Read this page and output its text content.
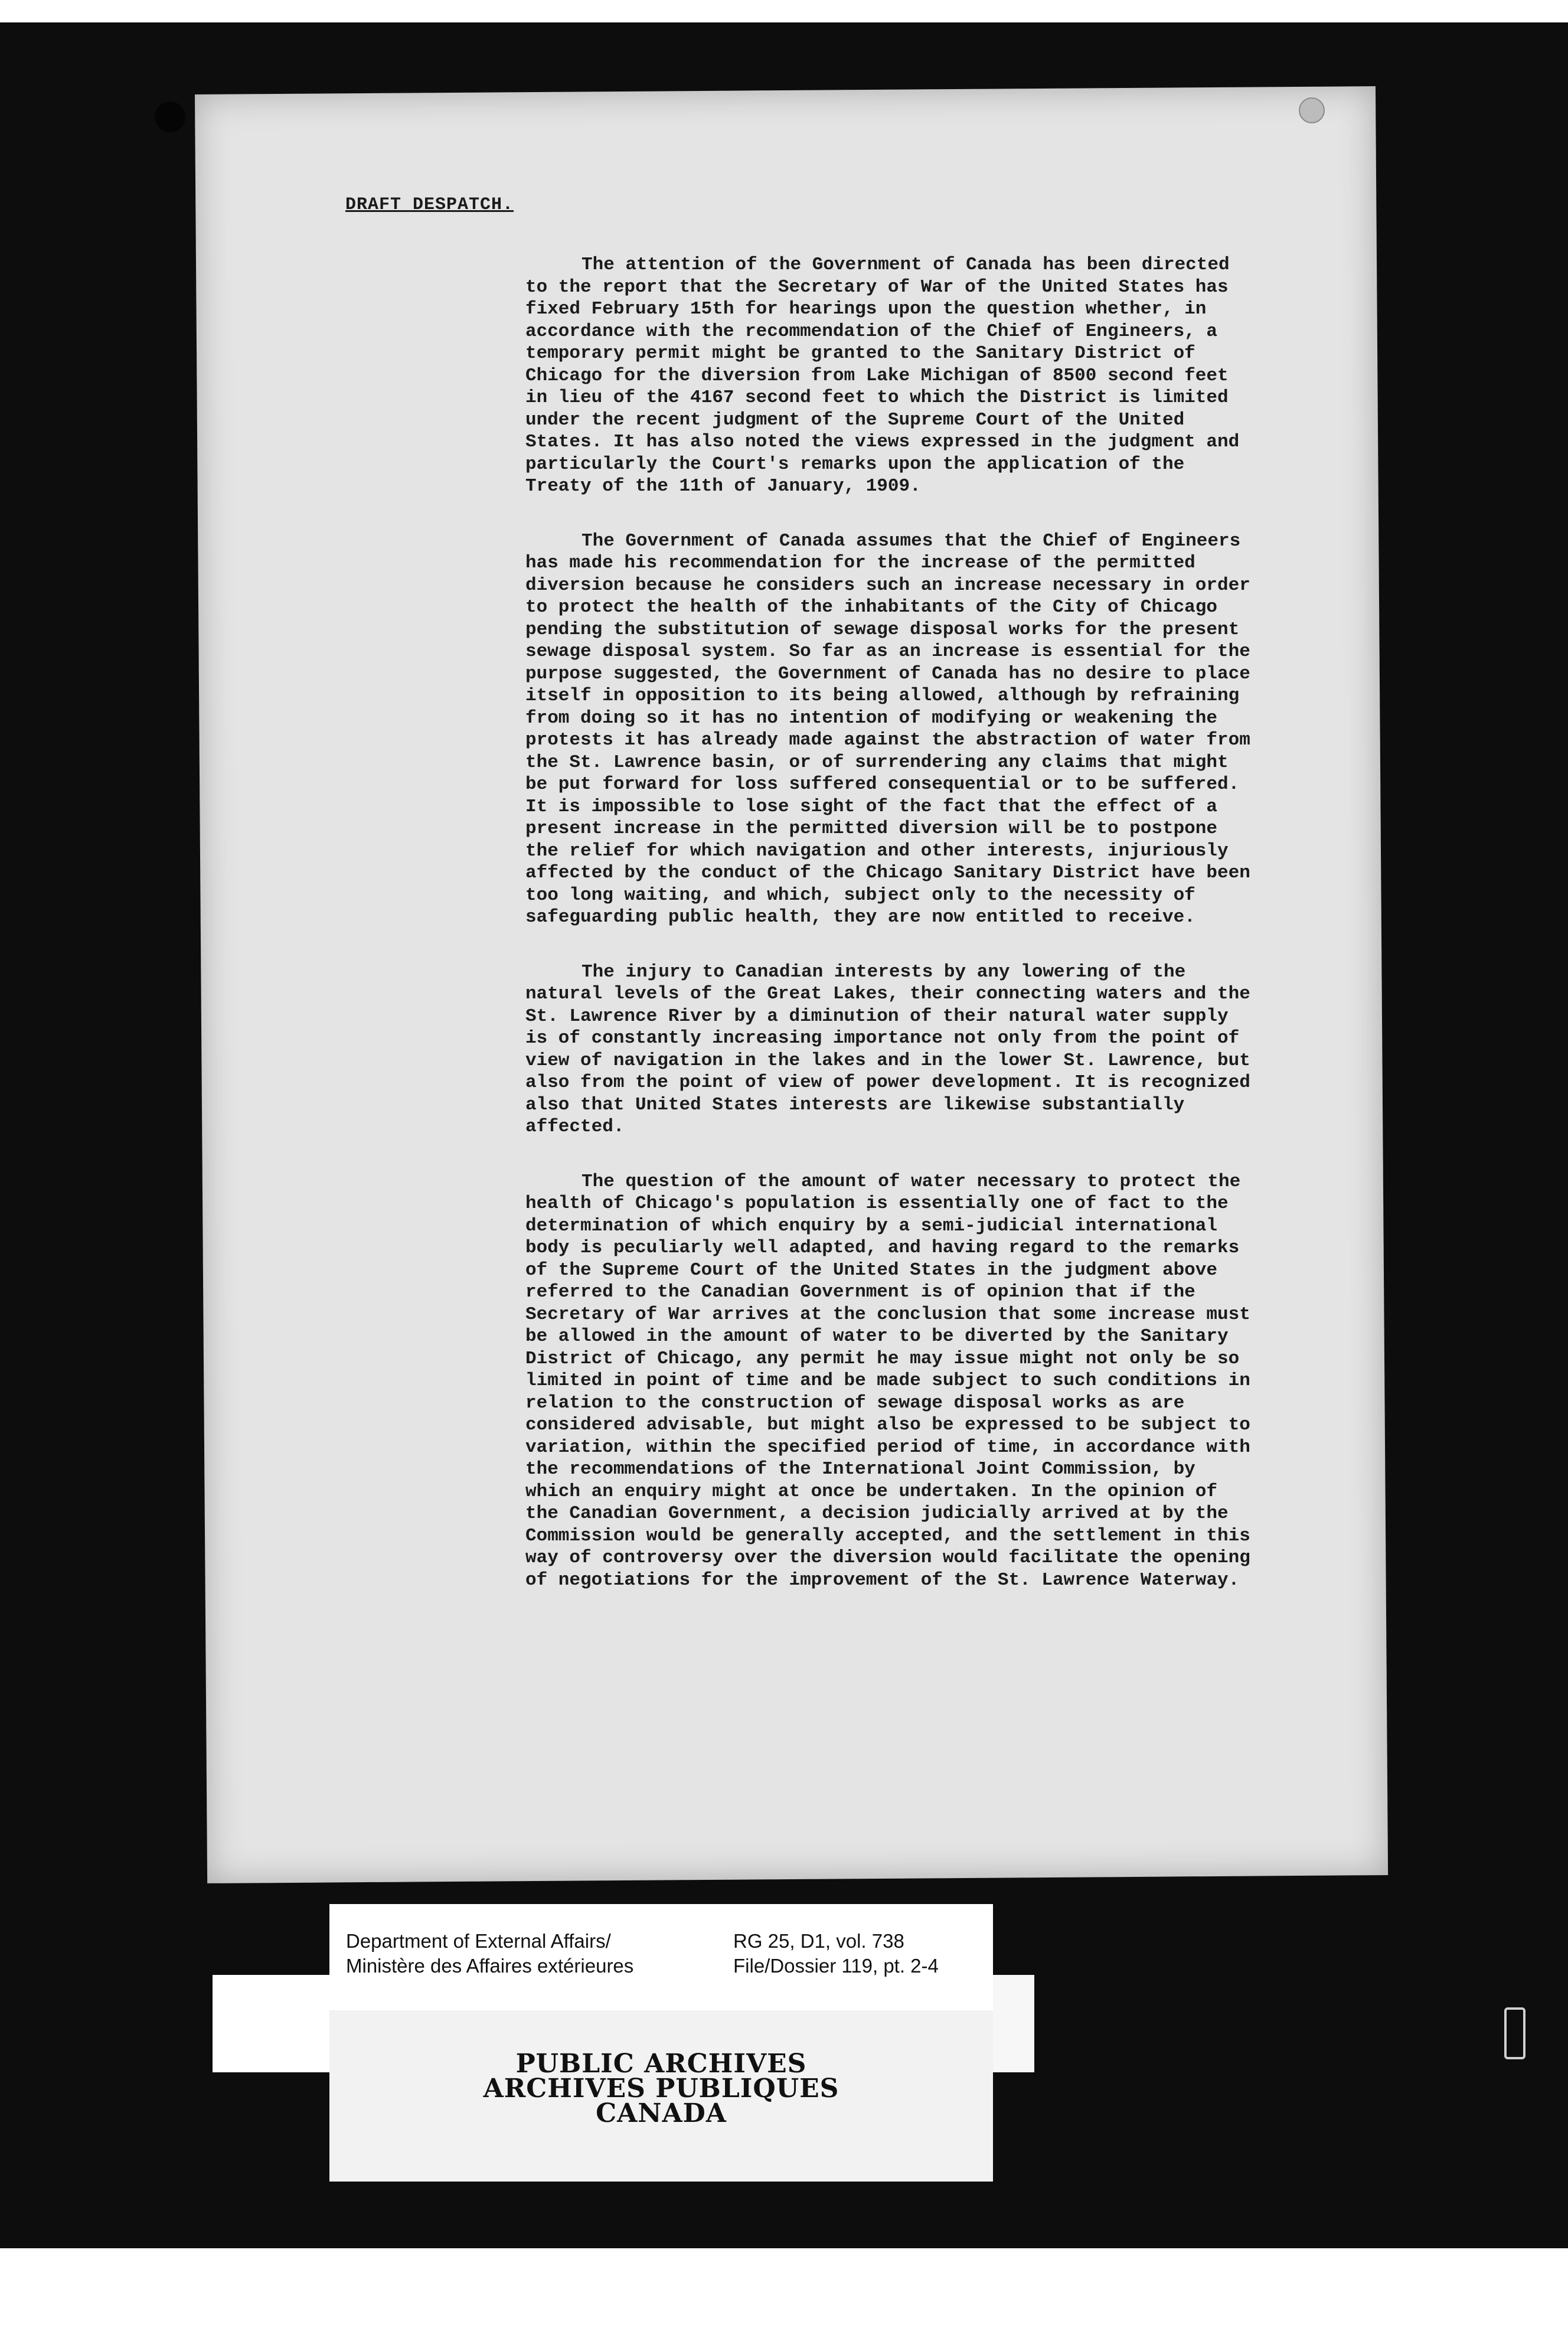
DRAFT DESPATCH.

The attention of the Government of Canada has been directed to the report that the Secretary of War of the United States has fixed February 15th for hearings upon the question whether, in accordance with the recommendation of the Chief of Engineers, a temporary permit might be granted to the Sanitary District of Chicago for the diversion from Lake Michigan of 8500 second feet in lieu of the 4167 second feet to which the District is limited under the recent judgment of the Supreme Court of the United States. It has also noted the views expressed in the judgment and particularly the Court's remarks upon the application of the Treaty of the 11th of January, 1909.

The Government of Canada assumes that the Chief of Engineers has made his recommendation for the increase of the permitted diversion because he considers such an increase necessary in order to protect the health of the inhabitants of the City of Chicago pending the substitution of sewage disposal works for the present sewage disposal system. So far as an increase is essential for the purpose suggested, the Government of Canada has no desire to place itself in opposition to its being allowed, although by refraining from doing so it has no intention of modifying or weakening the protests it has already made against the abstraction of water from the St. Lawrence basin, or of surrendering any claims that might be put forward for loss suffered consequential or to be suffered. It is impossible to lose sight of the fact that the effect of a present increase in the permitted diversion will be to postpone the relief for which navigation and other interests, injuriously affected by the conduct of the Chicago Sanitary District have been too long waiting, and which, subject only to the necessity of safeguarding public health, they are now entitled to receive.

The injury to Canadian interests by any lowering of the natural levels of the Great Lakes, their connecting waters and the St. Lawrence River by a diminution of their natural water supply is of constantly increasing importance not only from the point of view of navigation in the lakes and in the lower St. Lawrence, but also from the point of view of power development. It is recognized also that United States interests are likewise substantially affected.

The question of the amount of water necessary to protect the health of Chicago's population is essentially one of fact to the determination of which enquiry by a semi-judicial international body is peculiarly well adapted, and having regard to the remarks of the Supreme Court of the United States in the judgment above referred to the Canadian Government is of opinion that if the Secretary of War arrives at the conclusion that some increase must be allowed in the amount of water to be diverted by the Sanitary District of Chicago, any permit he may issue might not only be so limited in point of time and be made subject to such conditions in relation to the construction of sewage disposal works as are considered advisable, but might also be expressed to be subject to variation, within the specified period of time, in accordance with the recommendations of the International Joint Commission, by which an enquiry might at once be undertaken. In the opinion of the Canadian Government, a decision judicially arrived at by the Commission would be generally accepted, and the settlement in this way of controversy over the diversion would facilitate the opening of negotiations for the improvement of the St. Lawrence Waterway.

Department of External Affairs/
Ministère des Affaires extérieures
RG 25, D1, vol. 738
File/Dossier 119, pt. 2-4
PUBLIC ARCHIVES
ARCHIVES PUBLIQUES
CANADA
